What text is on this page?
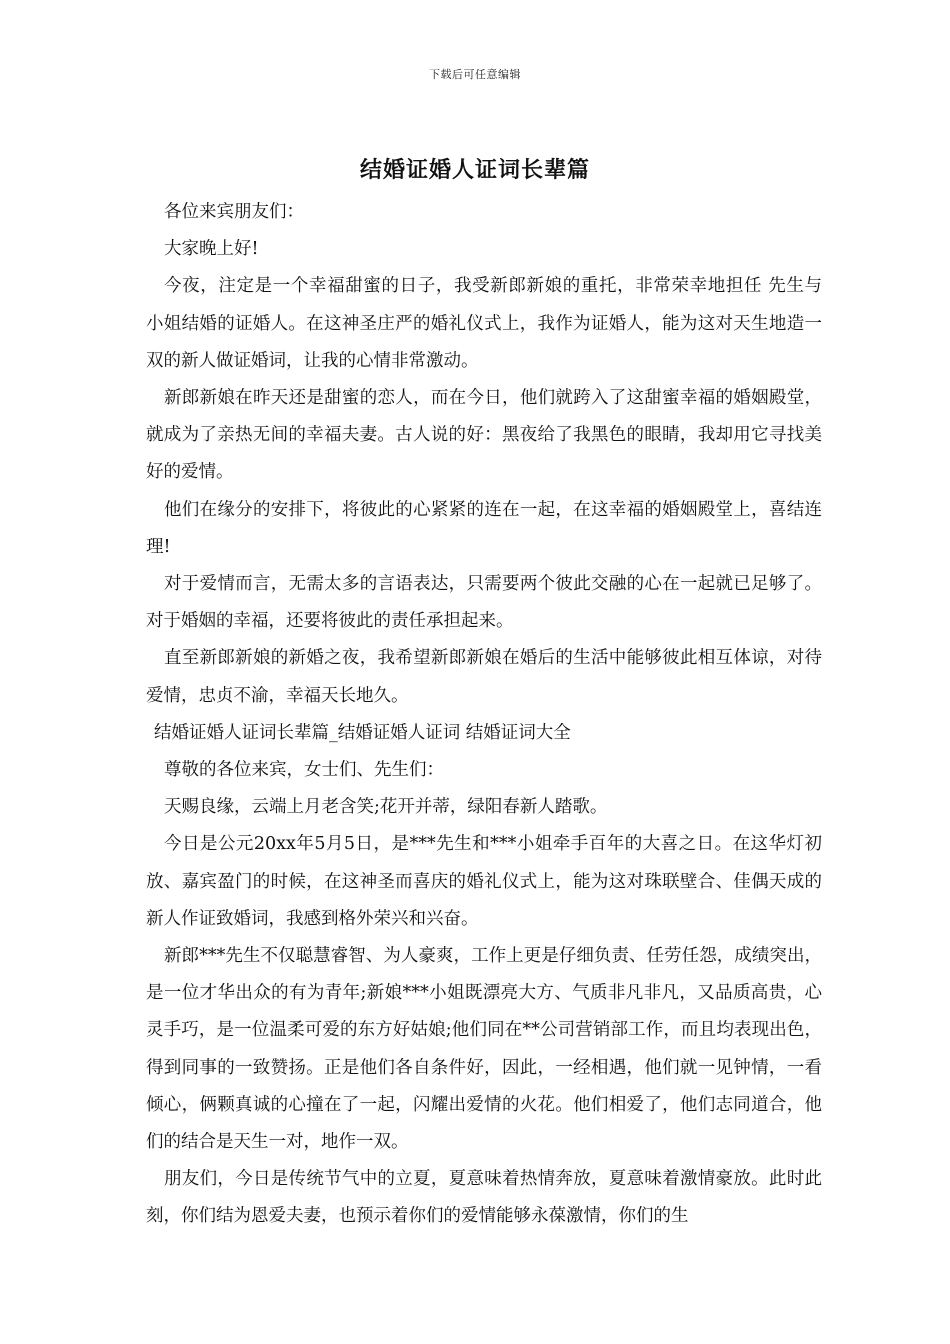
下载后可任意编辑
结婚证婚人证词长辈篇

各位来宾朋友们：

大家晚上好!

今夜，注定是一个幸福甜蜜的日子，我受新郎新娘的重托，非常荣幸地担任 先生与 小姐结婚的证婚人。在这神圣庄严的婚礼仪式上，我作为证婚人，能为这对天生地造一双的新人做证婚词，让我的心情非常激动。

新郎新娘在昨天还是甜蜜的恋人，而在今日，他们就跨入了这甜蜜幸福的婚姻殿堂，就成为了亲热无间的幸福夫妻。古人说的好：黑夜给了我黑色的眼睛，我却用它寻找美好的爱情。

他们在缘分的安排下，将彼此的心紧紧的连在一起，在这幸福的婚姻殿堂上，喜结连理!

对于爱情而言，无需太多的言语表达，只需要两个彼此交融的心在一起就已足够了。对于婚姻的幸福，还要将彼此的责任承担起来。

直至新郎新娘的新婚之夜，我希望新郎新娘在婚后的生活中能够彼此相互体谅，对待爱情，忠贞不渝，幸福天长地久。

结婚证婚人证词长辈篇_结婚证婚人证词 结婚证词大全

尊敬的各位来宾，女士们、先生们：

天赐良缘，云端上月老含笑;花开并蒂，绿阳春新人踏歌。

今日是公元20xx年5月5日，是***先生和***小姐牵手百年的大喜之日。在这华灯初放、嘉宾盈门的时候，在这神圣而喜庆的婚礼仪式上，能为这对珠联壁合、佳偶天成的新人作证致婚词，我感到格外荣兴和兴奋。

新郎***先生不仅聪慧睿智、为人豪爽，工作上更是仔细负责、任劳任怨，成绩突出，是一位才华出众的有为青年;新娘***小姐既漂亮大方、气质非凡非凡，又品质高贵，心灵手巧，是一位温柔可爱的东方好姑娘;他们同在**公司营销部工作，而且均表现出色，得到同事的一致赞扬。正是他们各自条件好，因此，一经相遇，他们就一见钟情，一看倾心，俩颗真诚的心撞在了一起，闪耀出爱情的火花。他们相爱了，他们志同道合，他们的结合是天生一对，地作一双。

朋友们，今日是传统节气中的立夏，夏意味着热情奔放，夏意味着激情豪放。此时此刻，你们结为恩爱夫妻，也预示着你们的爱情能够永葆激情，你们的生
